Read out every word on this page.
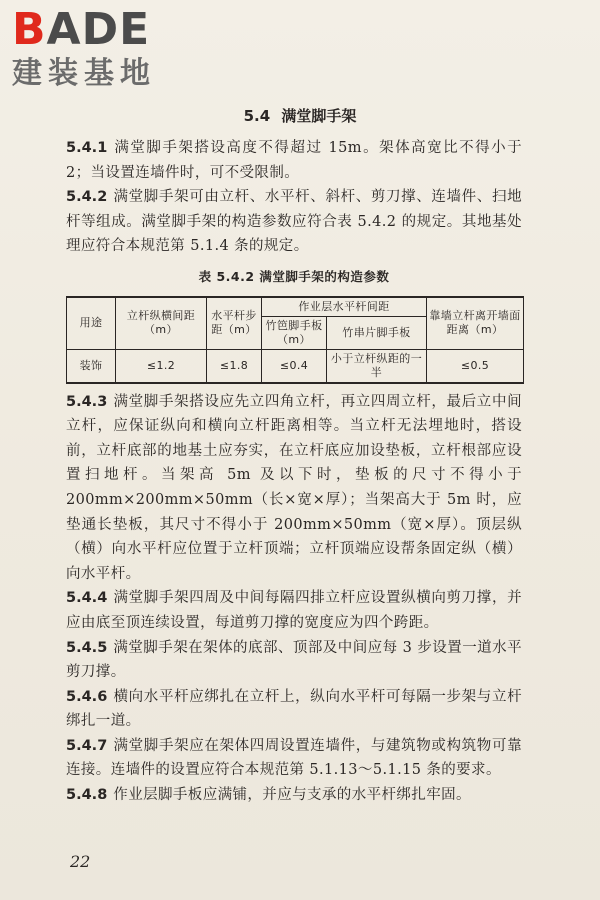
BADE
建装基地
5.4 满堂脚手架

5.4.1 满堂脚手架搭设高度不得超过 15m。架体高宽比不得小于 2；当设置连墙件时，可不受限制。

5.4.2 满堂脚手架可由立杆、水平杆、斜杆、剪刀撑、连墙件、扫地杆等组成。满堂脚手架的构造参数应符合表 5.4.2 的规定。其地基处理应符合本规范第 5.1.4 条的规定。

表 5.4.2 满堂脚手架的构造参数
用途	立杆纵横间距（m）	水平杆步距（m）	作业层水平杆间距		靠墙立杆离开墙面距离（m）
			竹笆脚手板（m）	竹串片脚手板	
装饰	≤1.2	≤1.8	≤0.4	小于立杆纵距的一半	≤0.5

5.4.3 满堂脚手架搭设应先立四角立杆，再立四周立杆，最后立中间立杆，应保证纵向和横向立杆距离相等。当立杆无法埋地时，搭设前，立杆底部的地基土应夯实，在立杆底应加设垫板，立杆根部应设置扫地杆。当架高 5m 及以下时，垫板的尺寸不得小于 200mm×200mm×50mm（长×宽×厚）；当架高大于 5m 时，应垫通长垫板，其尺寸不得小于 200mm×50mm（宽×厚）。顶层纵（横）向水平杆应位置于立杆顶端；立杆顶端应设帮条固定纵（横）向水平杆。

5.4.4 满堂脚手架四周及中间每隔四排立杆应设置纵横向剪刀撑，并应由底至顶连续设置，每道剪刀撑的宽度应为四个跨距。

5.4.5 满堂脚手架在架体的底部、顶部及中间应每 3 步设置一道水平剪刀撑。

5.4.6 横向水平杆应绑扎在立杆上，纵向水平杆可每隔一步架与立杆绑扎一道。

5.4.7 满堂脚手架应在架体四周设置连墙件，与建筑物或构筑物可靠连接。连墙件的设置应符合本规范第 5.1.13～5.1.15 条的要求。

5.4.8 作业层脚手板应满铺，并应与支承的水平杆绑扎牢固。

22
